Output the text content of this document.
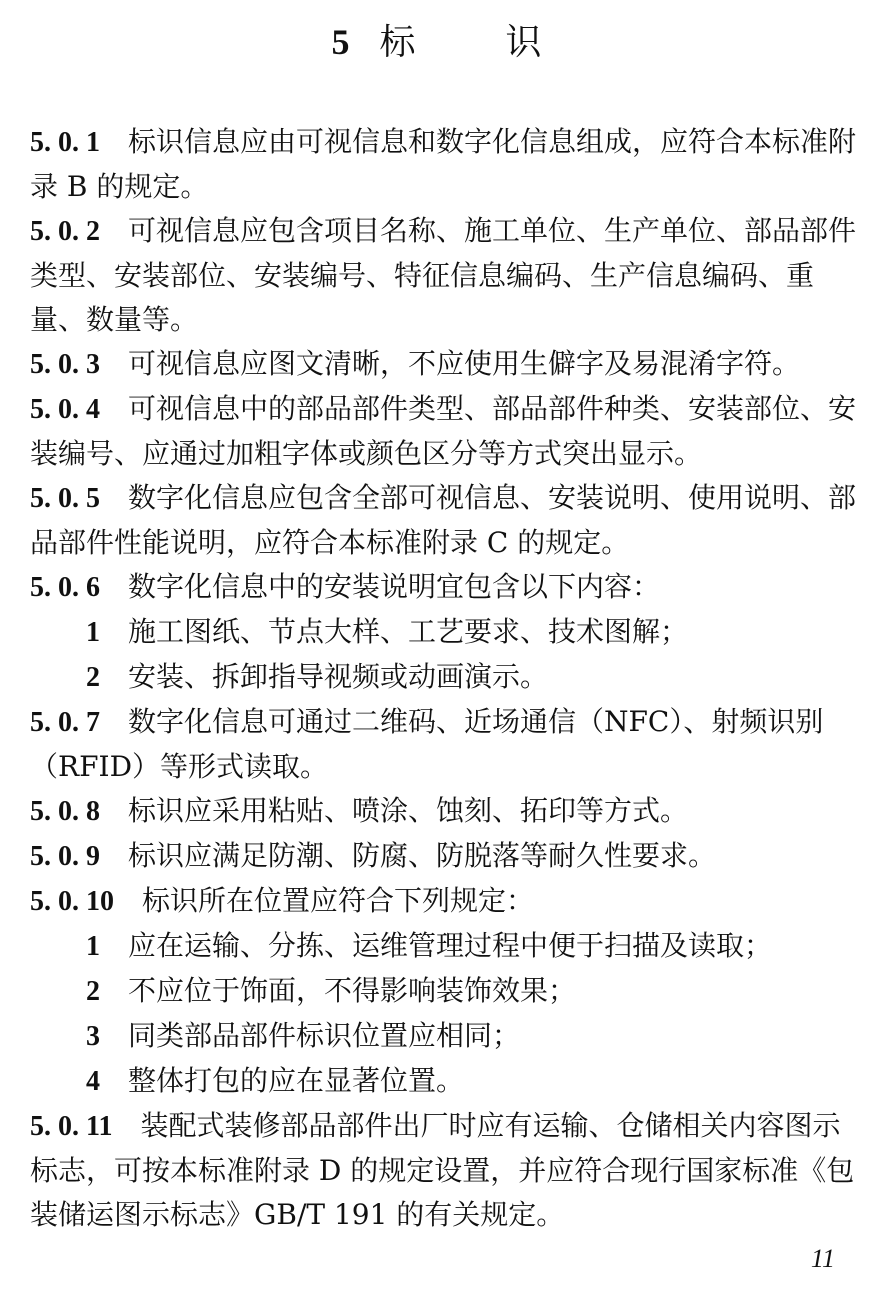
5 标	识

5. 0. 1 标识信息应由可视信息和数字化信息组成，应符合本标准附录 B 的规定。

5. 0. 2 可视信息应包含项目名称、施工单位、生产单位、部品部件类型、安装部位、安装编号、特征信息编码、生产信息编码、重量、数量等。

5. 0. 3 可视信息应图文清晰，不应使用生僻字及易混淆字符。

5. 0. 4 可视信息中的部品部件类型、部品部件种类、安装部位、安装编号、应通过加粗字体或颜色区分等方式突出显示。

5. 0. 5 数字化信息应包含全部可视信息、安装说明、使用说明、部品部件性能说明，应符合本标准附录 C 的规定。

5. 0. 6 数字化信息中的安装说明宜包含以下内容：

1 施工图纸、节点大样、工艺要求、技术图解；

2 安装、拆卸指导视频或动画演示。

5. 0. 7 数字化信息可通过二维码、近场通信（NFC）、射频识别（RFID）等形式读取。

5. 0. 8 标识应采用粘贴、喷涂、蚀刻、拓印等方式。

5. 0. 9 标识应满足防潮、防腐、防脱落等耐久性要求。

5. 0. 10 标识所在位置应符合下列规定：

1 应在运输、分拣、运维管理过程中便于扫描及读取；

2 不应位于饰面，不得影响装饰效果；

3 同类部品部件标识位置应相同；

4 整体打包的应在显著位置。

5. 0. 11 装配式装修部品部件出厂时应有运输、仓储相关内容图示标志，可按本标准附录 D 的规定设置，并应符合现行国家标准《包装储运图示标志》GB/T 191 的有关规定。

11
